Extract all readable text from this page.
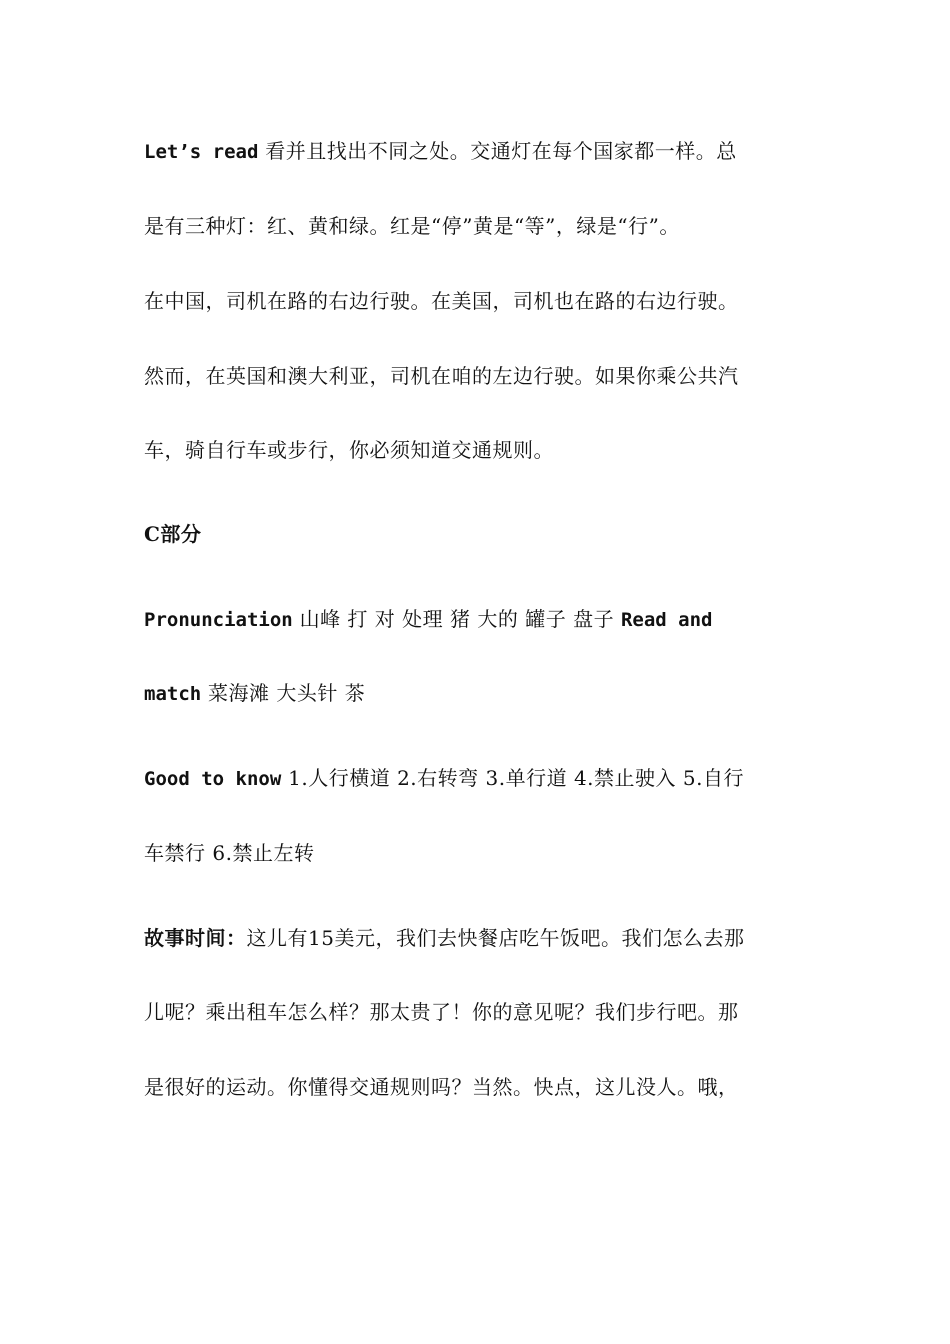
Let’s read 看并且找出不同之处。交通灯在每个国家都一样。总
是有三种灯：红、黄和绿。红是“停”黄是“等”，绿是“行”。
在中国，司机在路的右边行驶。在美国，司机也在路的右边行驶。
然而，在英国和澳大利亚，司机在咱的左边行驶。如果你乘公共汽
车，骑自行车或步行，你必须知道交通规则。
C部分
Pronunciation 山峰 打 对 处理 猪 大的 罐子 盘子 Read and
match 菜海滩 大头针 茶
Good to know 1.人行横道 2.右转弯 3.单行道 4.禁止驶入 5.自行
车禁行 6.禁止左转
故事时间：这儿有15美元，我们去快餐店吃午饭吧。我们怎么去那
儿呢？乘出租车怎么样？那太贵了！你的意见呢？我们步行吧。那
是很好的运动。你懂得交通规则吗？当然。快点，这儿没人。哦，
